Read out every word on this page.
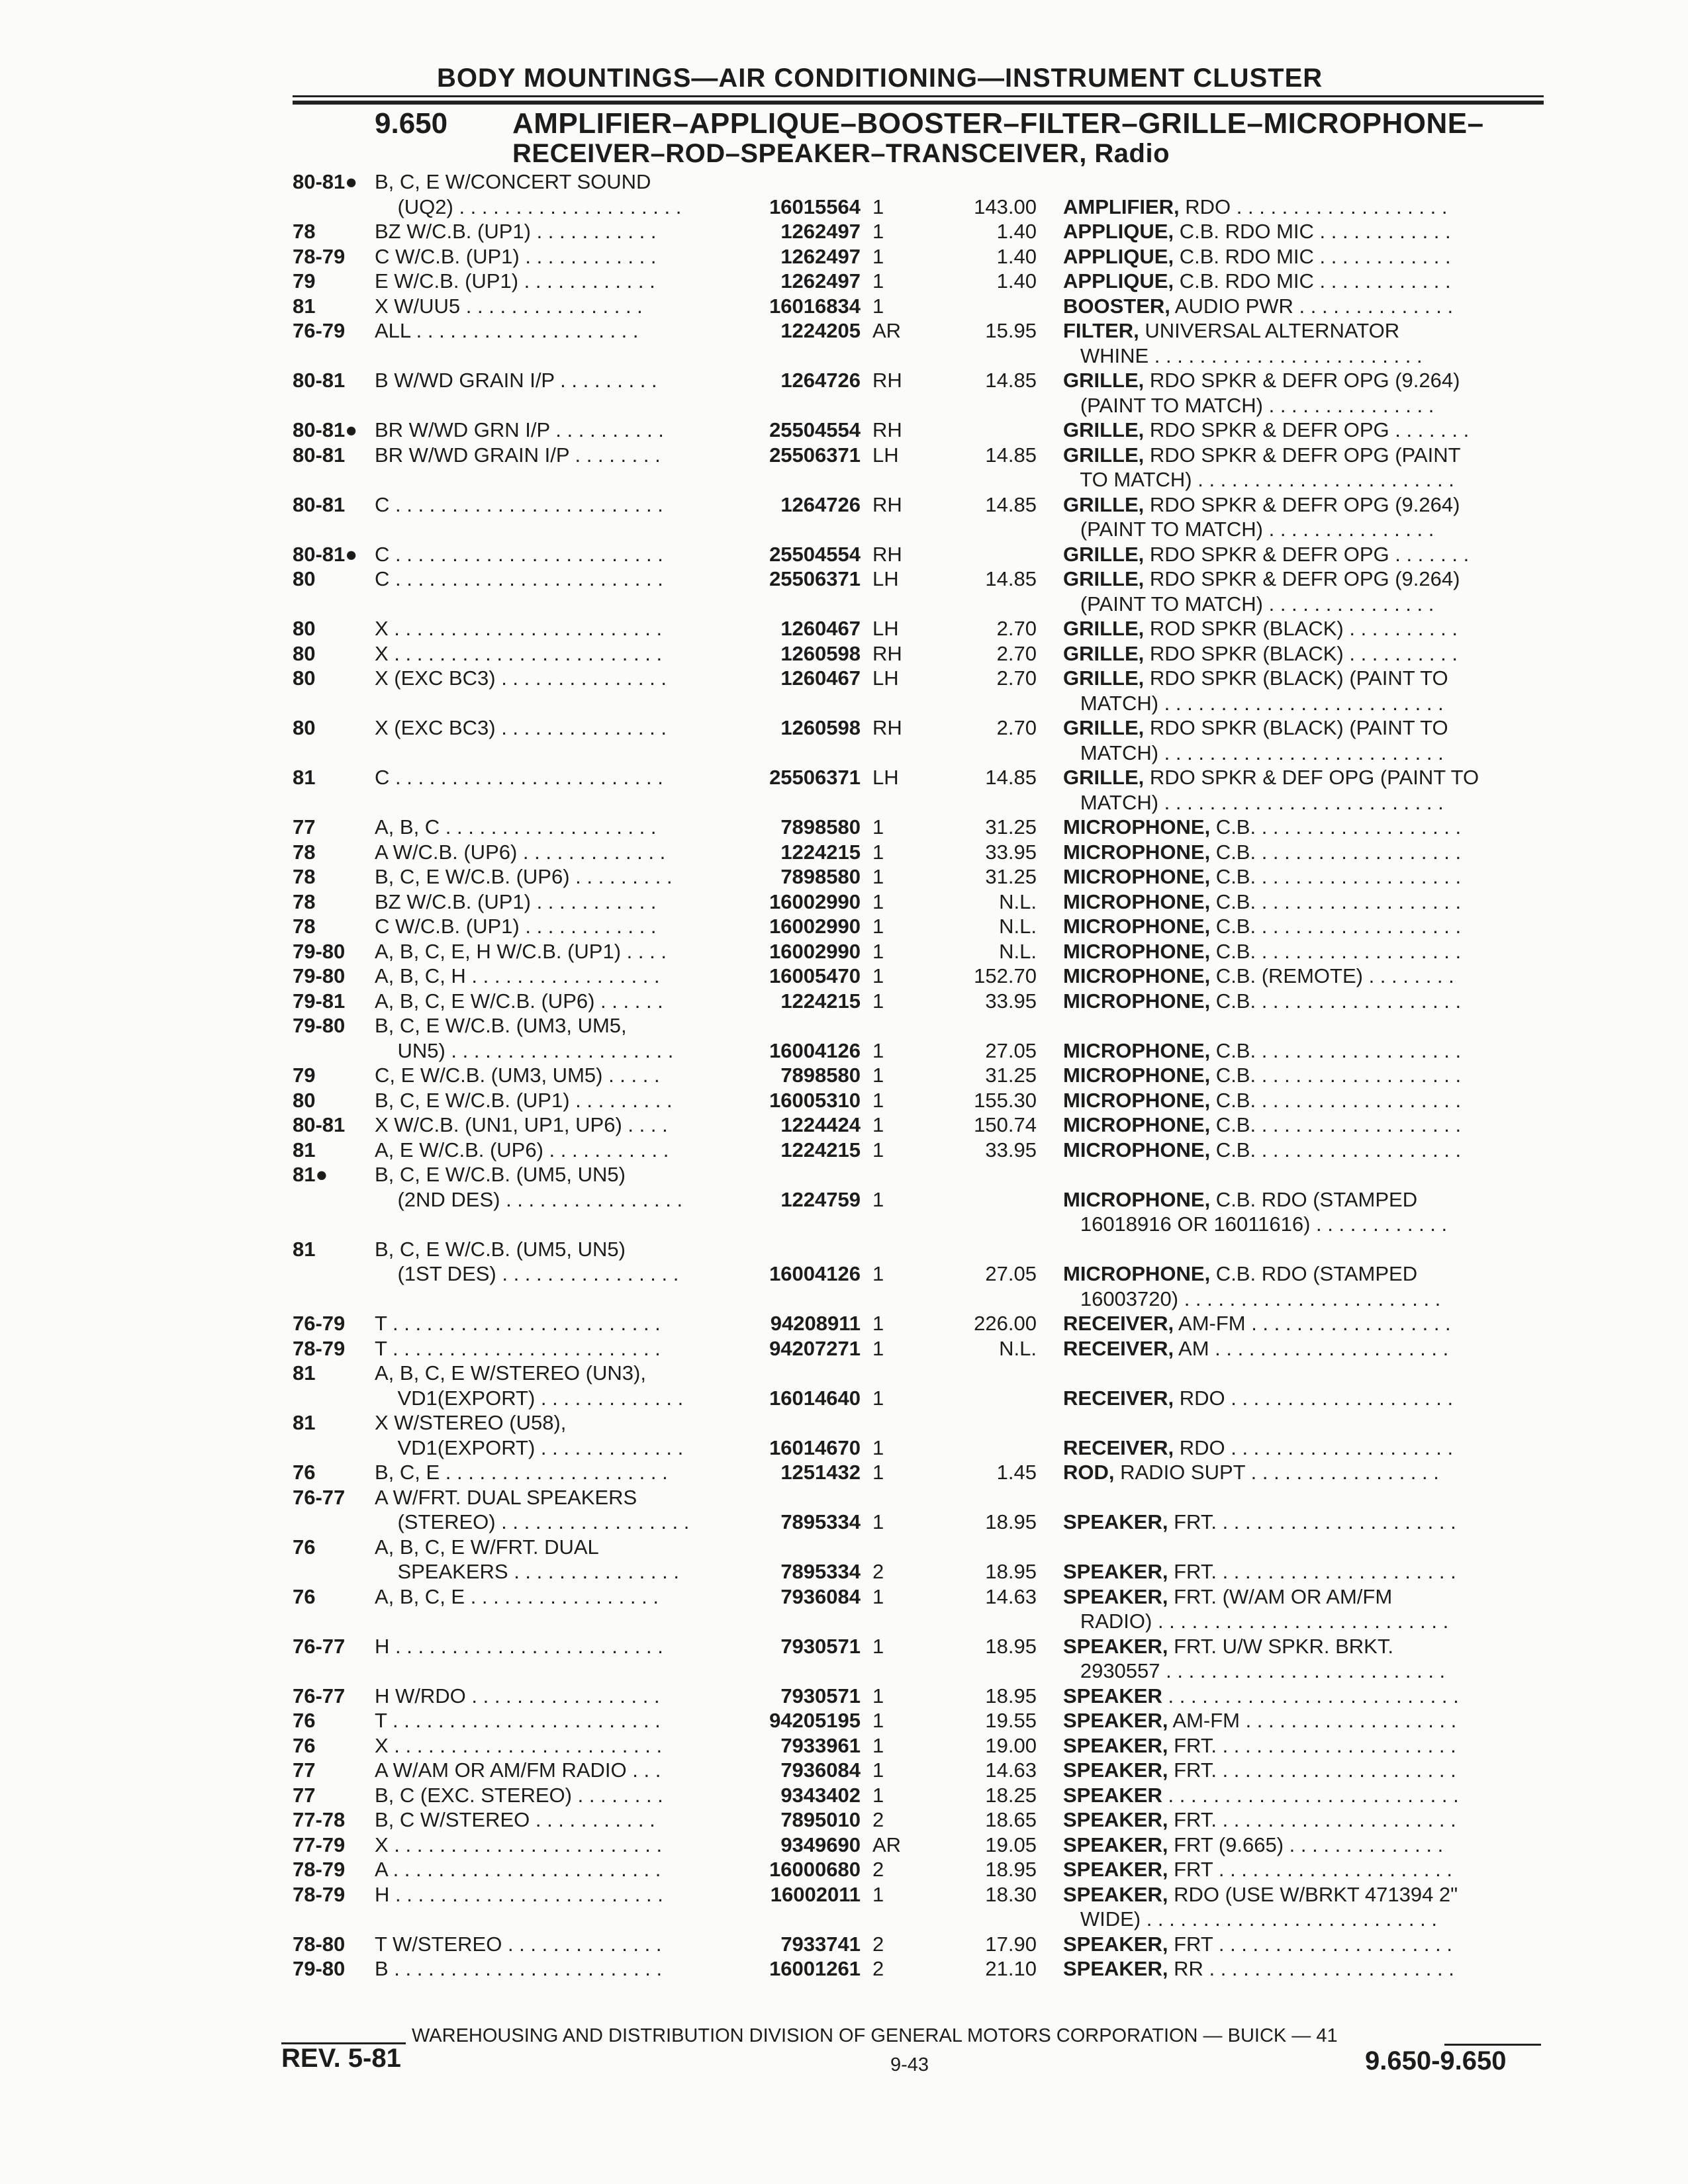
BODY MOUNTINGS—AIR CONDITIONING—INSTRUMENT CLUSTER
9.650 AMPLIFIER–APPLIQUE–BOOSTER–FILTER–GRILLE–MICROPHONE–
RECEIVER–ROD–SPEAKER–TRANSCEIVER, Radio
80-81● B, C, E W/CONCERT SOUND
(UQ2) . . . . . . . . . . . . . . . . . . . .	16015564 1	143.00 AMPLIFIER, RDO . . . . . . . . . . . . . . . . . . .
78	BZ W/C.B. (UP1) . . . . . . . . . . .	1262497 1	1.40 APPLIQUE, C.B. RDO MIC . . . . . . . . . . . .
78-79 C W/C.B. (UP1) . . . . . . . . . . . .	1262497 1	1.40 APPLIQUE, C.B. RDO MIC . . . . . . . . . . . .
79	E W/C.B. (UP1) . . . . . . . . . . . .	1262497 1	1.40 APPLIQUE, C.B. RDO MIC . . . . . . . . . . . .
81	X W/UU5 . . . . . . . . . . . . . . . .	16016834 1	BOOSTER, AUDIO PWR . . . . . . . . . . . . . .
76-79 ALL . . . . . . . . . . . . . . . . . . . .	1224205 AR	15.95 FILTER, UNIVERSAL ALTERNATOR
WHINE . . . . . . . . . . . . . . . . . . . . . . . .
80-81 B W/WD GRAIN I/P . . . . . . . . .	1264726 RH	14.85 GRILLE, RDO SPKR & DEFR OPG (9.264)
(PAINT TO MATCH) . . . . . . . . . . . . . . .
80-81● BR W/WD GRN I/P . . . . . . . . . .	25504554 RH	GRILLE, RDO SPKR & DEFR OPG . . . . . . .
80-81 BR W/WD GRAIN I/P . . . . . . . .	25506371 LH	14.85 GRILLE, RDO SPKR & DEFR OPG (PAINT
TO MATCH) . . . . . . . . . . . . . . . . . . . . . . .
80-81 C . . . . . . . . . . . . . . . . . . . . . . . .	1264726 RH	14.85 GRILLE, RDO SPKR & DEFR OPG (9.264)
(PAINT TO MATCH) . . . . . . . . . . . . . . .
80-81● C . . . . . . . . . . . . . . . . . . . . . . . .	25504554 RH	GRILLE, RDO SPKR & DEFR OPG . . . . . . .
80	C . . . . . . . . . . . . . . . . . . . . . . . .	25506371 LH	14.85 GRILLE, RDO SPKR & DEFR OPG (9.264)
(PAINT TO MATCH) . . . . . . . . . . . . . . .
80	X . . . . . . . . . . . . . . . . . . . . . . . .	1260467 LH	2.70 GRILLE, ROD SPKR (BLACK) . . . . . . . . . .
80	X . . . . . . . . . . . . . . . . . . . . . . . .	1260598 RH	2.70 GRILLE, RDO SPKR (BLACK) . . . . . . . . . .
80	X (EXC BC3) . . . . . . . . . . . . . . .	1260467 LH	2.70 GRILLE, RDO SPKR (BLACK) (PAINT TO
MATCH) . . . . . . . . . . . . . . . . . . . . . . . . .
80	X (EXC BC3) . . . . . . . . . . . . . . .	1260598 RH	2.70 GRILLE, RDO SPKR (BLACK) (PAINT TO
MATCH) . . . . . . . . . . . . . . . . . . . . . . . . .
81	C . . . . . . . . . . . . . . . . . . . . . . . .	25506371 LH	14.85 GRILLE, RDO SPKR & DEF OPG (PAINT TO
MATCH) . . . . . . . . . . . . . . . . . . . . . . . . .
77	A, B, C . . . . . . . . . . . . . . . . . . .	7898580 1	31.25 MICROPHONE, C.B. . . . . . . . . . . . . . . . . . .
78	A W/C.B. (UP6) . . . . . . . . . . . . .	1224215 1	33.95 MICROPHONE, C.B. . . . . . . . . . . . . . . . . . .
78	B, C, E W/C.B. (UP6) . . . . . . . . .	7898580 1	31.25 MICROPHONE, C.B. . . . . . . . . . . . . . . . . . .
78	BZ W/C.B. (UP1) . . . . . . . . . . .	16002990 1	N.L. MICROPHONE, C.B. . . . . . . . . . . . . . . . . . .
78	C W/C.B. (UP1) . . . . . . . . . . . .	16002990 1	N.L. MICROPHONE, C.B. . . . . . . . . . . . . . . . . . .
79-80 A, B, C, E, H W/C.B. (UP1) . . . .	16002990 1	N.L. MICROPHONE, C.B. . . . . . . . . . . . . . . . . . .
79-80 A, B, C, H . . . . . . . . . . . . . . . . .	16005470 1	152.70 MICROPHONE, C.B. (REMOTE) . . . . . . . .
79-81 A, B, C, E W/C.B. (UP6) . . . . . .	1224215 1	33.95 MICROPHONE, C.B. . . . . . . . . . . . . . . . . . .
79-80 B, C, E W/C.B. (UM3, UM5,
UN5) . . . . . . . . . . . . . . . . . . . .	16004126 1	27.05 MICROPHONE, C.B. . . . . . . . . . . . . . . . . . .
79	C, E W/C.B. (UM3, UM5) . . . . .	7898580 1	31.25 MICROPHONE, C.B. . . . . . . . . . . . . . . . . . .
80	B, C, E W/C.B. (UP1) . . . . . . . . .	16005310 1	155.30 MICROPHONE, C.B. . . . . . . . . . . . . . . . . . .
80-81 X W/C.B. (UN1, UP1, UP6) . . . .	1224424 1	150.74 MICROPHONE, C.B. . . . . . . . . . . . . . . . . . .
81	A, E W/C.B. (UP6) . . . . . . . . . . .	1224215 1	33.95 MICROPHONE, C.B. . . . . . . . . . . . . . . . . . .
81● B, C, E W/C.B. (UM5, UN5)
(2ND DES) . . . . . . . . . . . . . . . .	1224759 1	MICROPHONE, C.B. RDO (STAMPED
16018916 OR 16011616) . . . . . . . . . . . .
81	B, C, E W/C.B. (UM5, UN5)
(1ST DES) . . . . . . . . . . . . . . . .	16004126 1	27.05 MICROPHONE, C.B. RDO (STAMPED
16003720) . . . . . . . . . . . . . . . . . . . . . . .
76-79 T . . . . . . . . . . . . . . . . . . . . . . . .	94208911 1	226.00 RECEIVER, AM-FM . . . . . . . . . . . . . . . . . .
78-79 T . . . . . . . . . . . . . . . . . . . . . . . .	94207271 1	N.L. RECEIVER, AM . . . . . . . . . . . . . . . . . . . . .
81	A, B, C, E W/STEREO (UN3),
VD1(EXPORT) . . . . . . . . . . . . .	16014640 1	RECEIVER, RDO . . . . . . . . . . . . . . . . . . . .
81	X W/STEREO (U58),
VD1(EXPORT) . . . . . . . . . . . . .	16014670 1	RECEIVER, RDO . . . . . . . . . . . . . . . . . . . .
76	B, C, E . . . . . . . . . . . . . . . . . . . .	1251432 1	1.45 ROD, RADIO SUPT . . . . . . . . . . . . . . . . .
76-77 A W/FRT. DUAL SPEAKERS
(STEREO) . . . . . . . . . . . . . . . . .	7895334 1	18.95 SPEAKER, FRT. . . . . . . . . . . . . . . . . . . . . .
76	A, B, C, E W/FRT. DUAL
SPEAKERS . . . . . . . . . . . . . . .	7895334 2	18.95 SPEAKER, FRT. . . . . . . . . . . . . . . . . . . . . .
76	A, B, C, E . . . . . . . . . . . . . . . . .	7936084 1	14.63 SPEAKER, FRT. (W/AM OR AM/FM
RADIO) . . . . . . . . . . . . . . . . . . . . . . . . . .
76-77 H . . . . . . . . . . . . . . . . . . . . . . . .	7930571 1	18.95 SPEAKER, FRT. U/W SPKR. BRKT.
2930557 . . . . . . . . . . . . . . . . . . . . . . . . .
76-77 H W/RDO . . . . . . . . . . . . . . . . .	7930571 1	18.95 SPEAKER . . . . . . . . . . . . . . . . . . . . . . . . . .
76	T . . . . . . . . . . . . . . . . . . . . . . . .	94205195 1	19.55 SPEAKER, AM-FM . . . . . . . . . . . . . . . . . . .
76	X . . . . . . . . . . . . . . . . . . . . . . . .	7933961 1	19.00 SPEAKER, FRT. . . . . . . . . . . . . . . . . . . . . .
77	A W/AM OR AM/FM RADIO . . .	7936084 1	14.63 SPEAKER, FRT. . . . . . . . . . . . . . . . . . . . . .
77	B, C (EXC. STEREO) . . . . . . . .	9343402 1	18.25 SPEAKER . . . . . . . . . . . . . . . . . . . . . . . . . .
77-78 B, C W/STEREO . . . . . . . . . . .	7895010 2	18.65 SPEAKER, FRT. . . . . . . . . . . . . . . . . . . . . .
77-79 X . . . . . . . . . . . . . . . . . . . . . . . .	9349690 AR	19.05 SPEAKER, FRT (9.665) . . . . . . . . . . . . . .
78-79 A . . . . . . . . . . . . . . . . . . . . . . . .	16000680 2	18.95 SPEAKER, FRT . . . . . . . . . . . . . . . . . . . . .
78-79 H . . . . . . . . . . . . . . . . . . . . . . . .	16002011 1	18.30 SPEAKER, RDO (USE W/BRKT 471394 2"
WIDE) . . . . . . . . . . . . . . . . . . . . . . . . . .
78-80 T W/STEREO . . . . . . . . . . . . . .	7933741 2	17.90 SPEAKER, FRT . . . . . . . . . . . . . . . . . . . . .
79-80 B . . . . . . . . . . . . . . . . . . . . . . . .	16001261 2	21.10 SPEAKER, RR . . . . . . . . . . . . . . . . . . . . . .
WAREHOUSING AND DISTRIBUTION DIVISION OF GENERAL MOTORS CORPORATION — BUICK — 41
REV. 5-81	9-43	9.650-9.650
